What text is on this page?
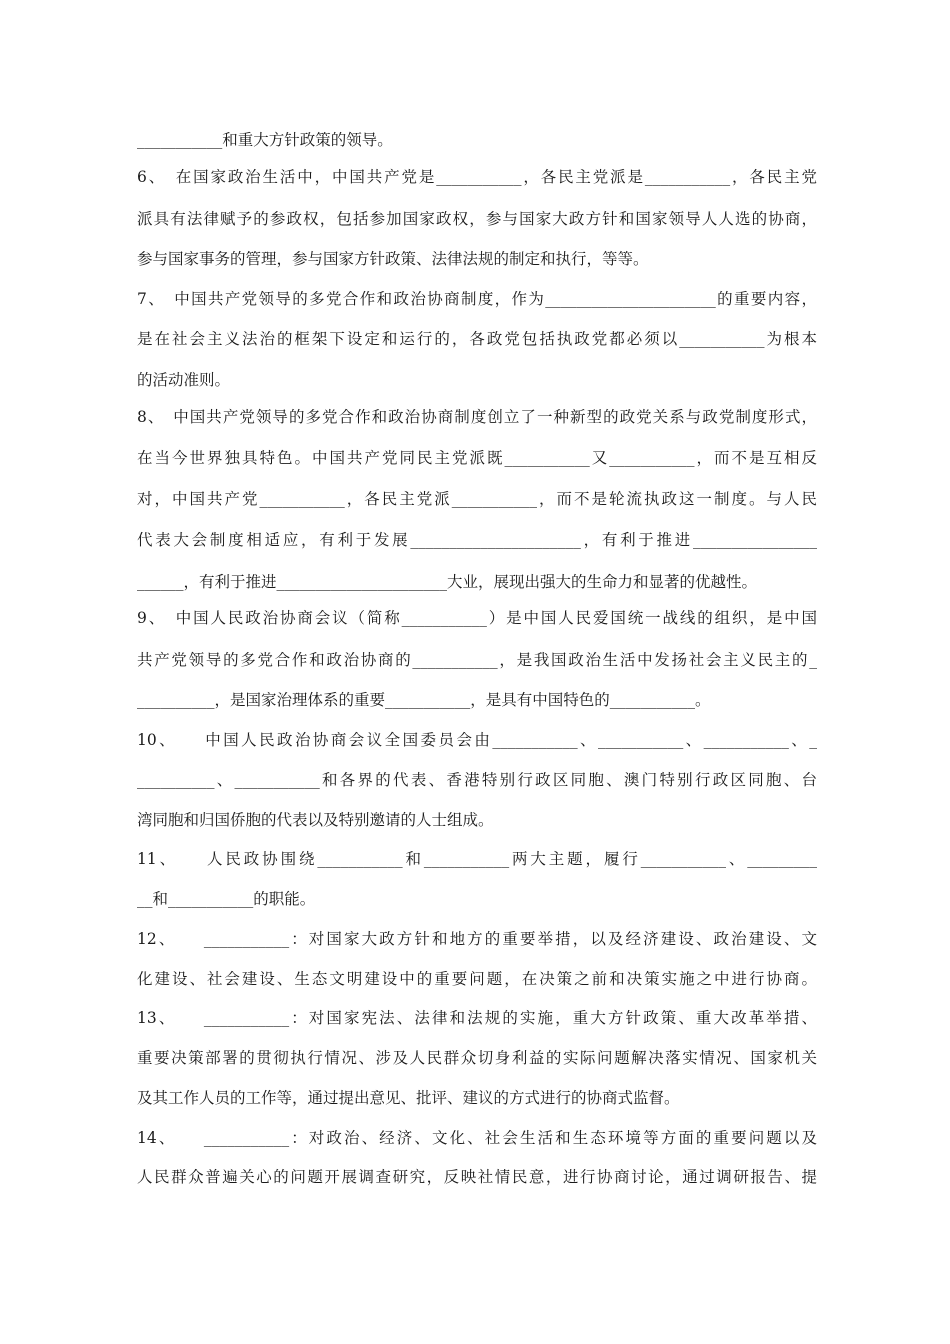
___________和重大方针政策的领导。
6、　在国家政治生活中，中国共产党是___________，各民主党派是___________，各民主党
派具有法律赋予的参政权，包括参加国家政权，参与国家大政方针和国家领导人人选的协商，
参与国家事务的管理，参与国家方针政策、法律法规的制定和执行，等等。
7、　中国共产党领导的多党合作和政治协商制度，作为______________________的重要内容，
是在社会主义法治的框架下设定和运行的，各政党包括执政党都必须以___________为根本
的活动准则。
8、　中国共产党领导的多党合作和政治协商制度创立了一种新型的政党关系与政党制度形式，
在当今世界独具特色。中国共产党同民主党派既___________又___________，而不是互相反
对，中国共产党___________，各民主党派___________，而不是轮流执政这一制度。与人民
代表大会制度相适应，有利于发展______________________，有利于推进________________
______，有利于推进______________________大业，展现出强大的生命力和显著的优越性。
9、　中国人民政治协商会议（简称___________）是中国人民爱国统一战线的组织，是中国
共产党领导的多党合作和政治协商的___________，是我国政治生活中发扬社会主义民主的_
__________，是国家治理体系的重要___________，是具有中国特色的___________。
10、　　中国人民政治协商会议全国委员会由___________、___________、___________、_
__________、___________和各界的代表、香港特别行政区同胞、澳门特别行政区同胞、台
湾同胞和归国侨胞的代表以及特别邀请的人士组成。
11、　　人民政协围绕___________和___________两大主题，履行___________、_________
__和___________的职能。
12、　　___________：对国家大政方针和地方的重要举措，以及经济建设、政治建设、文
化建设、社会建设、生态文明建设中的重要问题，在决策之前和决策实施之中进行协商。
13、　　___________：对国家宪法、法律和法规的实施，重大方针政策、重大改革举措、
重要决策部署的贯彻执行情况、涉及人民群众切身利益的实际问题解决落实情况、国家机关
及其工作人员的工作等，通过提出意见、批评、建议的方式进行的协商式监督。
14、　　___________：对政治、经济、文化、社会生活和生态环境等方面的重要问题以及
人民群众普遍关心的问题开展调查研究，反映社情民意，进行协商讨论，通过调研报告、提
